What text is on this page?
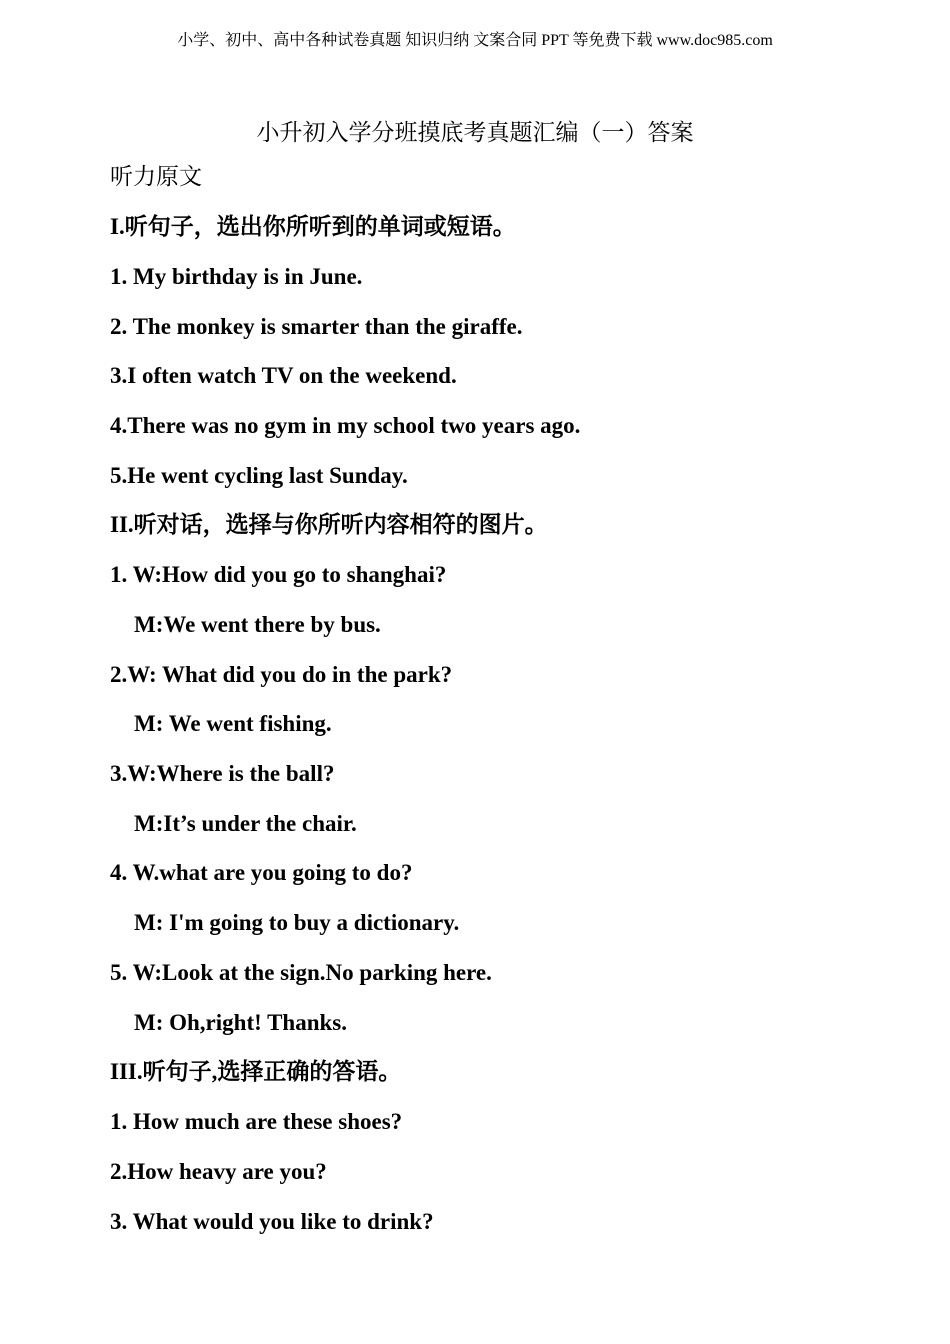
小学、初中、高中各种试卷真题 知识归纳 文案合同 PPT 等免费下载 www.doc985.com
小升初入学分班摸底考真题汇编（一）答案
听力原文
I.听句子，选出你所听到的单词或短语。
1. My birthday is in June.
2. The monkey is smarter than the giraffe.
3.I often watch TV on the weekend.
4.There was no gym in my school two years ago.
5.He went cycling last Sunday.
II.听对话，选择与你所听内容相符的图片。
1. W:How did you go to shanghai?
M:We went there by bus.
2.W: What did you do in the park?
M: We went fishing.
3.W:Where is the ball?
M:It’s under the chair.
4. W.what are you going to do?
M: I'm going to buy a dictionary.
5. W:Look at the sign.No parking here.
M: Oh,right! Thanks.
III.听句子,选择正确的答语。
1. How much are these shoes?
2.How heavy are you?
3. What would you like to drink?
